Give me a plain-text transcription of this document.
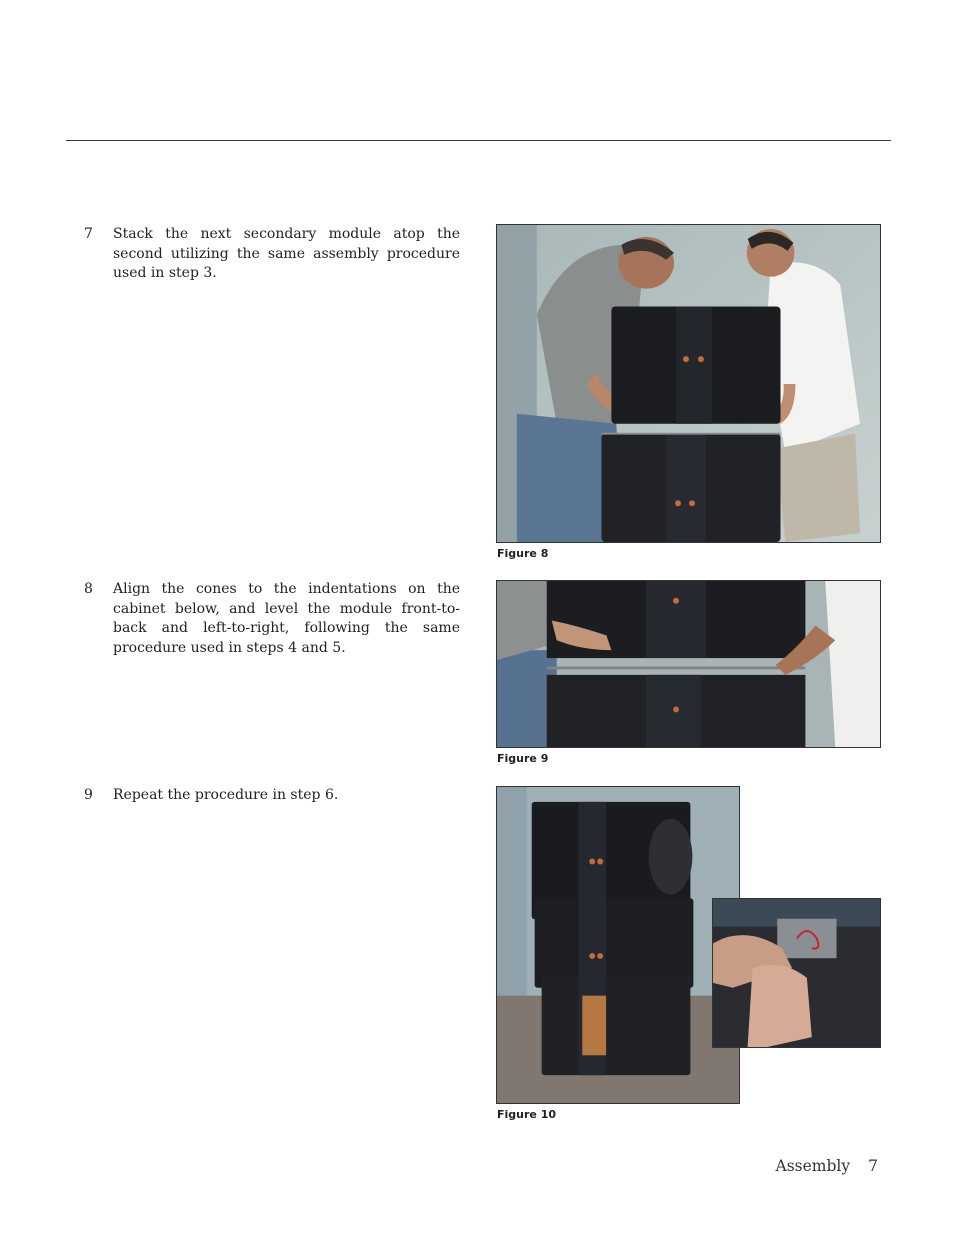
7	Stack the next secondary module atop the second utilizing the same assembly procedure used in step 3.
8	Align the cones to the indentations on the cabinet below, and level the module front-to-back and left-to-right, following the same procedure used in steps 4 and 5.
9	Repeat the procedure in step 6.
Figure 8
Figure 9
Figure 10
Assembly 7
